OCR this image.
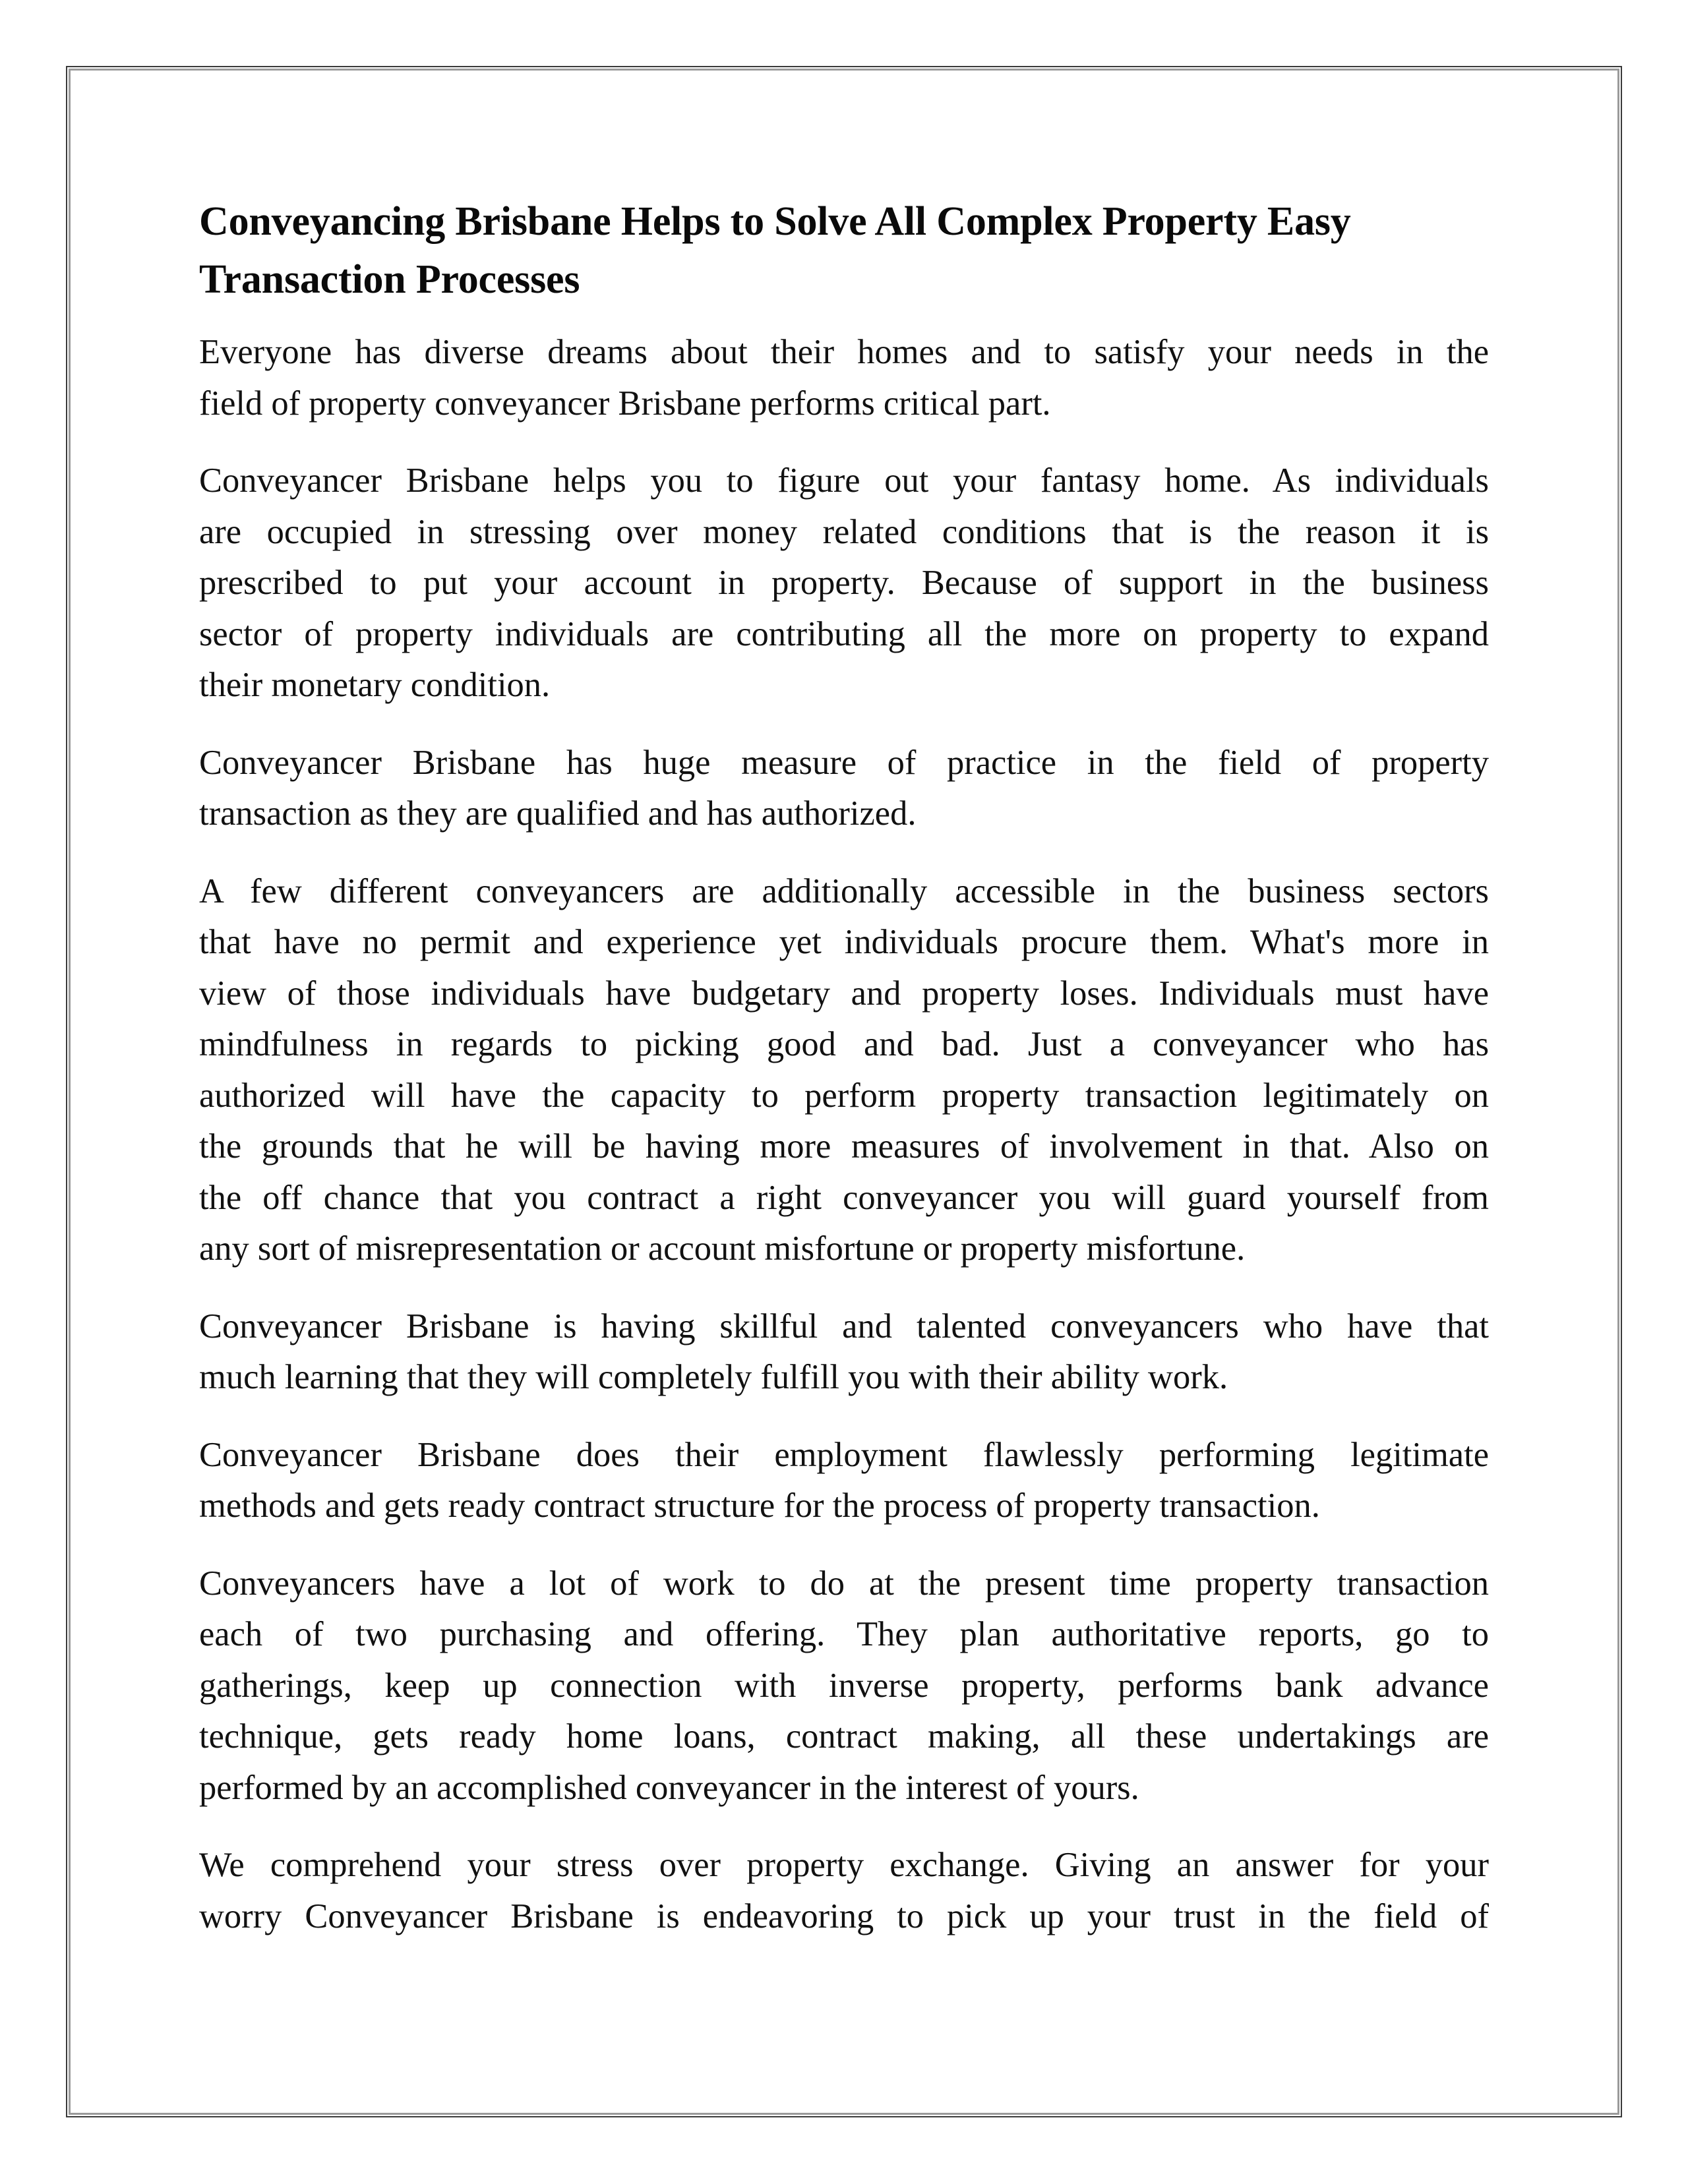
Conveyancing Brisbane Helps to Solve All Complex Property Easy
Transaction Processes

Everyone has diverse dreams about their homes and to satisfy your needs in the
field of property conveyancer Brisbane performs critical part.

Conveyancer Brisbane helps you to figure out your fantasy home. As individuals
are occupied in stressing over money related conditions that is the reason it is
prescribed to put your account in property. Because of support in the business
sector of property individuals are contributing all the more on property to expand
their monetary condition.

Conveyancer Brisbane has huge measure of practice in the field of property
transaction as they are qualified and has authorized.

A few different conveyancers are additionally accessible in the business sectors
that have no permit and experience yet individuals procure them. What's more in
view of those individuals have budgetary and property loses. Individuals must have
mindfulness in regards to picking good and bad. Just a conveyancer who has
authorized will have the capacity to perform property transaction legitimately on
the grounds that he will be having more measures of involvement in that. Also on
the off chance that you contract a right conveyancer you will guard yourself from
any sort of misrepresentation or account misfortune or property misfortune.

Conveyancer Brisbane is having skillful and talented conveyancers who have that
much learning that they will completely fulfill you with their ability work.

Conveyancer Brisbane does their employment flawlessly performing legitimate
methods and gets ready contract structure for the process of property transaction.

Conveyancers have a lot of work to do at the present time property transaction
each of two purchasing and offering. They plan authoritative reports, go to
gatherings, keep up connection with inverse property, performs bank advance
technique, gets ready home loans, contract making, all these undertakings are
performed by an accomplished conveyancer in the interest of yours.

We comprehend your stress over property exchange. Giving an answer for your
worry Conveyancer Brisbane is endeavoring to pick up your trust in the field of
